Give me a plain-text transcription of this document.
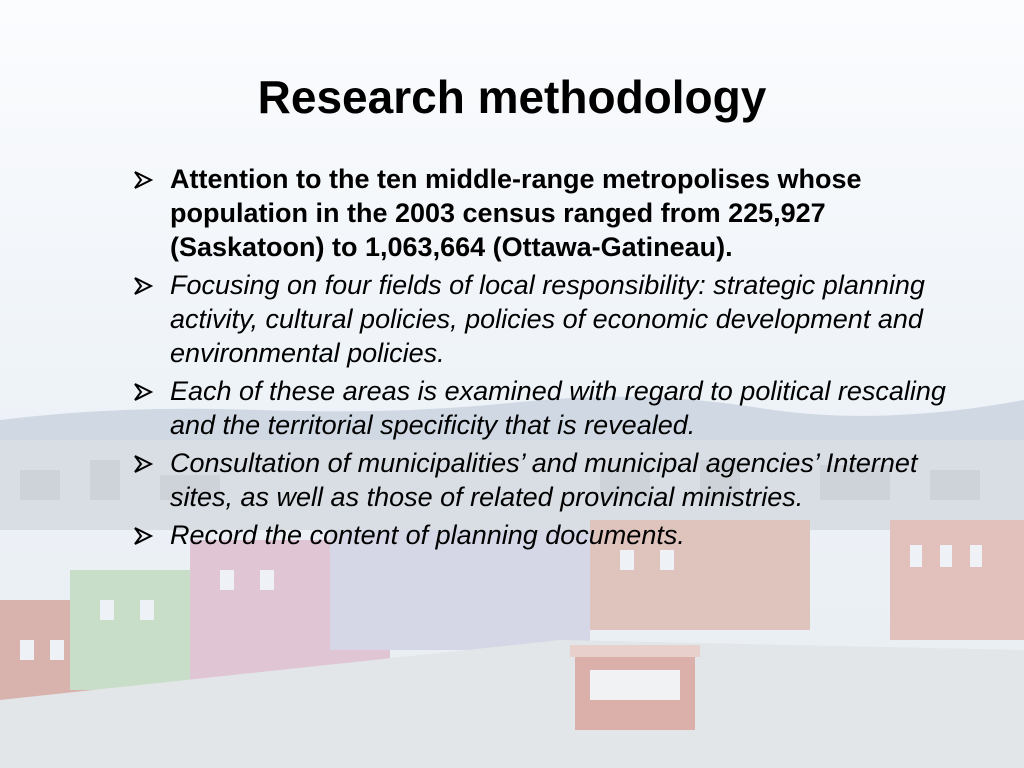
Research methodology
Attention to the ten middle-range metropolises whose population in the 2003 census ranged from 225,927 (Saskatoon) to 1,063,664 (Ottawa-Gatineau).
Focusing on four fields of local responsibility: strategic planning activity, cultural policies, policies of economic development and environmental policies.
Each of these areas is examined with regard to political rescaling and the territorial specificity that is revealed.
Consultation of municipalities’ and municipal agencies’ Internet sites, as well as those of related provincial ministries.
Record the content of planning documents.
